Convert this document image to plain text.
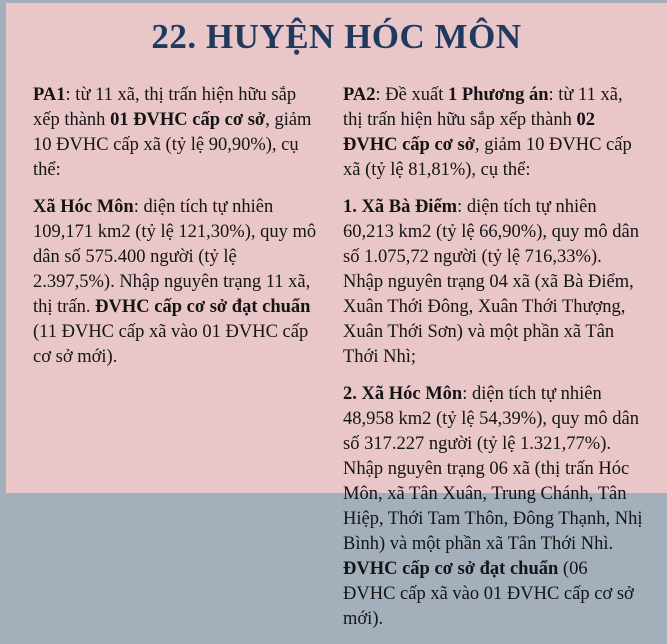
22. HUYỆN HÓC MÔN

PA1: từ 11 xã, thị trấn hiện hữu sắp xếp thành 01 ĐVHC cấp cơ sở, giảm 10 ĐVHC cấp xã (tỷ lệ 90,90%), cụ thể:

Xã Hóc Môn: diện tích tự nhiên 109,171 km2 (tỷ lệ 121,30%), quy mô dân số 575.400 người (tỷ lệ 2.397,5%). Nhập nguyên trạng 11 xã, thị trấn. ĐVHC cấp cơ sở đạt chuẩn (11 ĐVHC cấp xã vào 01 ĐVHC cấp cơ sở mới).

PA2: Đề xuất 1 Phương án: từ 11 xã, thị trấn hiện hữu sắp xếp thành 02 ĐVHC cấp cơ sở, giảm 10 ĐVHC cấp xã (tỷ lệ 81,81%), cụ thể:

1. Xã Bà Điểm: diện tích tự nhiên 60,213 km2 (tỷ lệ 66,90%), quy mô dân số 1.075,72 người (tỷ lệ 716,33%). Nhập nguyên trạng 04 xã (xã Bà Điểm, Xuân Thới Đông, Xuân Thới Thượng, Xuân Thới Sơn) và một phần xã Tân Thới Nhì;

2. Xã Hóc Môn: diện tích tự nhiên 48,958 km2 (tỷ lệ 54,39%), quy mô dân số 317.227 người (tỷ lệ 1.321,77%). Nhập nguyên trạng 06 xã (thị trấn Hóc Môn, xã Tân Xuân, Trung Chánh, Tân Hiệp, Thới Tam Thôn, Đông Thạnh, Nhị Bình) và một phần xã Tân Thới Nhì. ĐVHC cấp cơ sở đạt chuẩn (06 ĐVHC cấp xã vào 01 ĐVHC cấp cơ sở mới).
